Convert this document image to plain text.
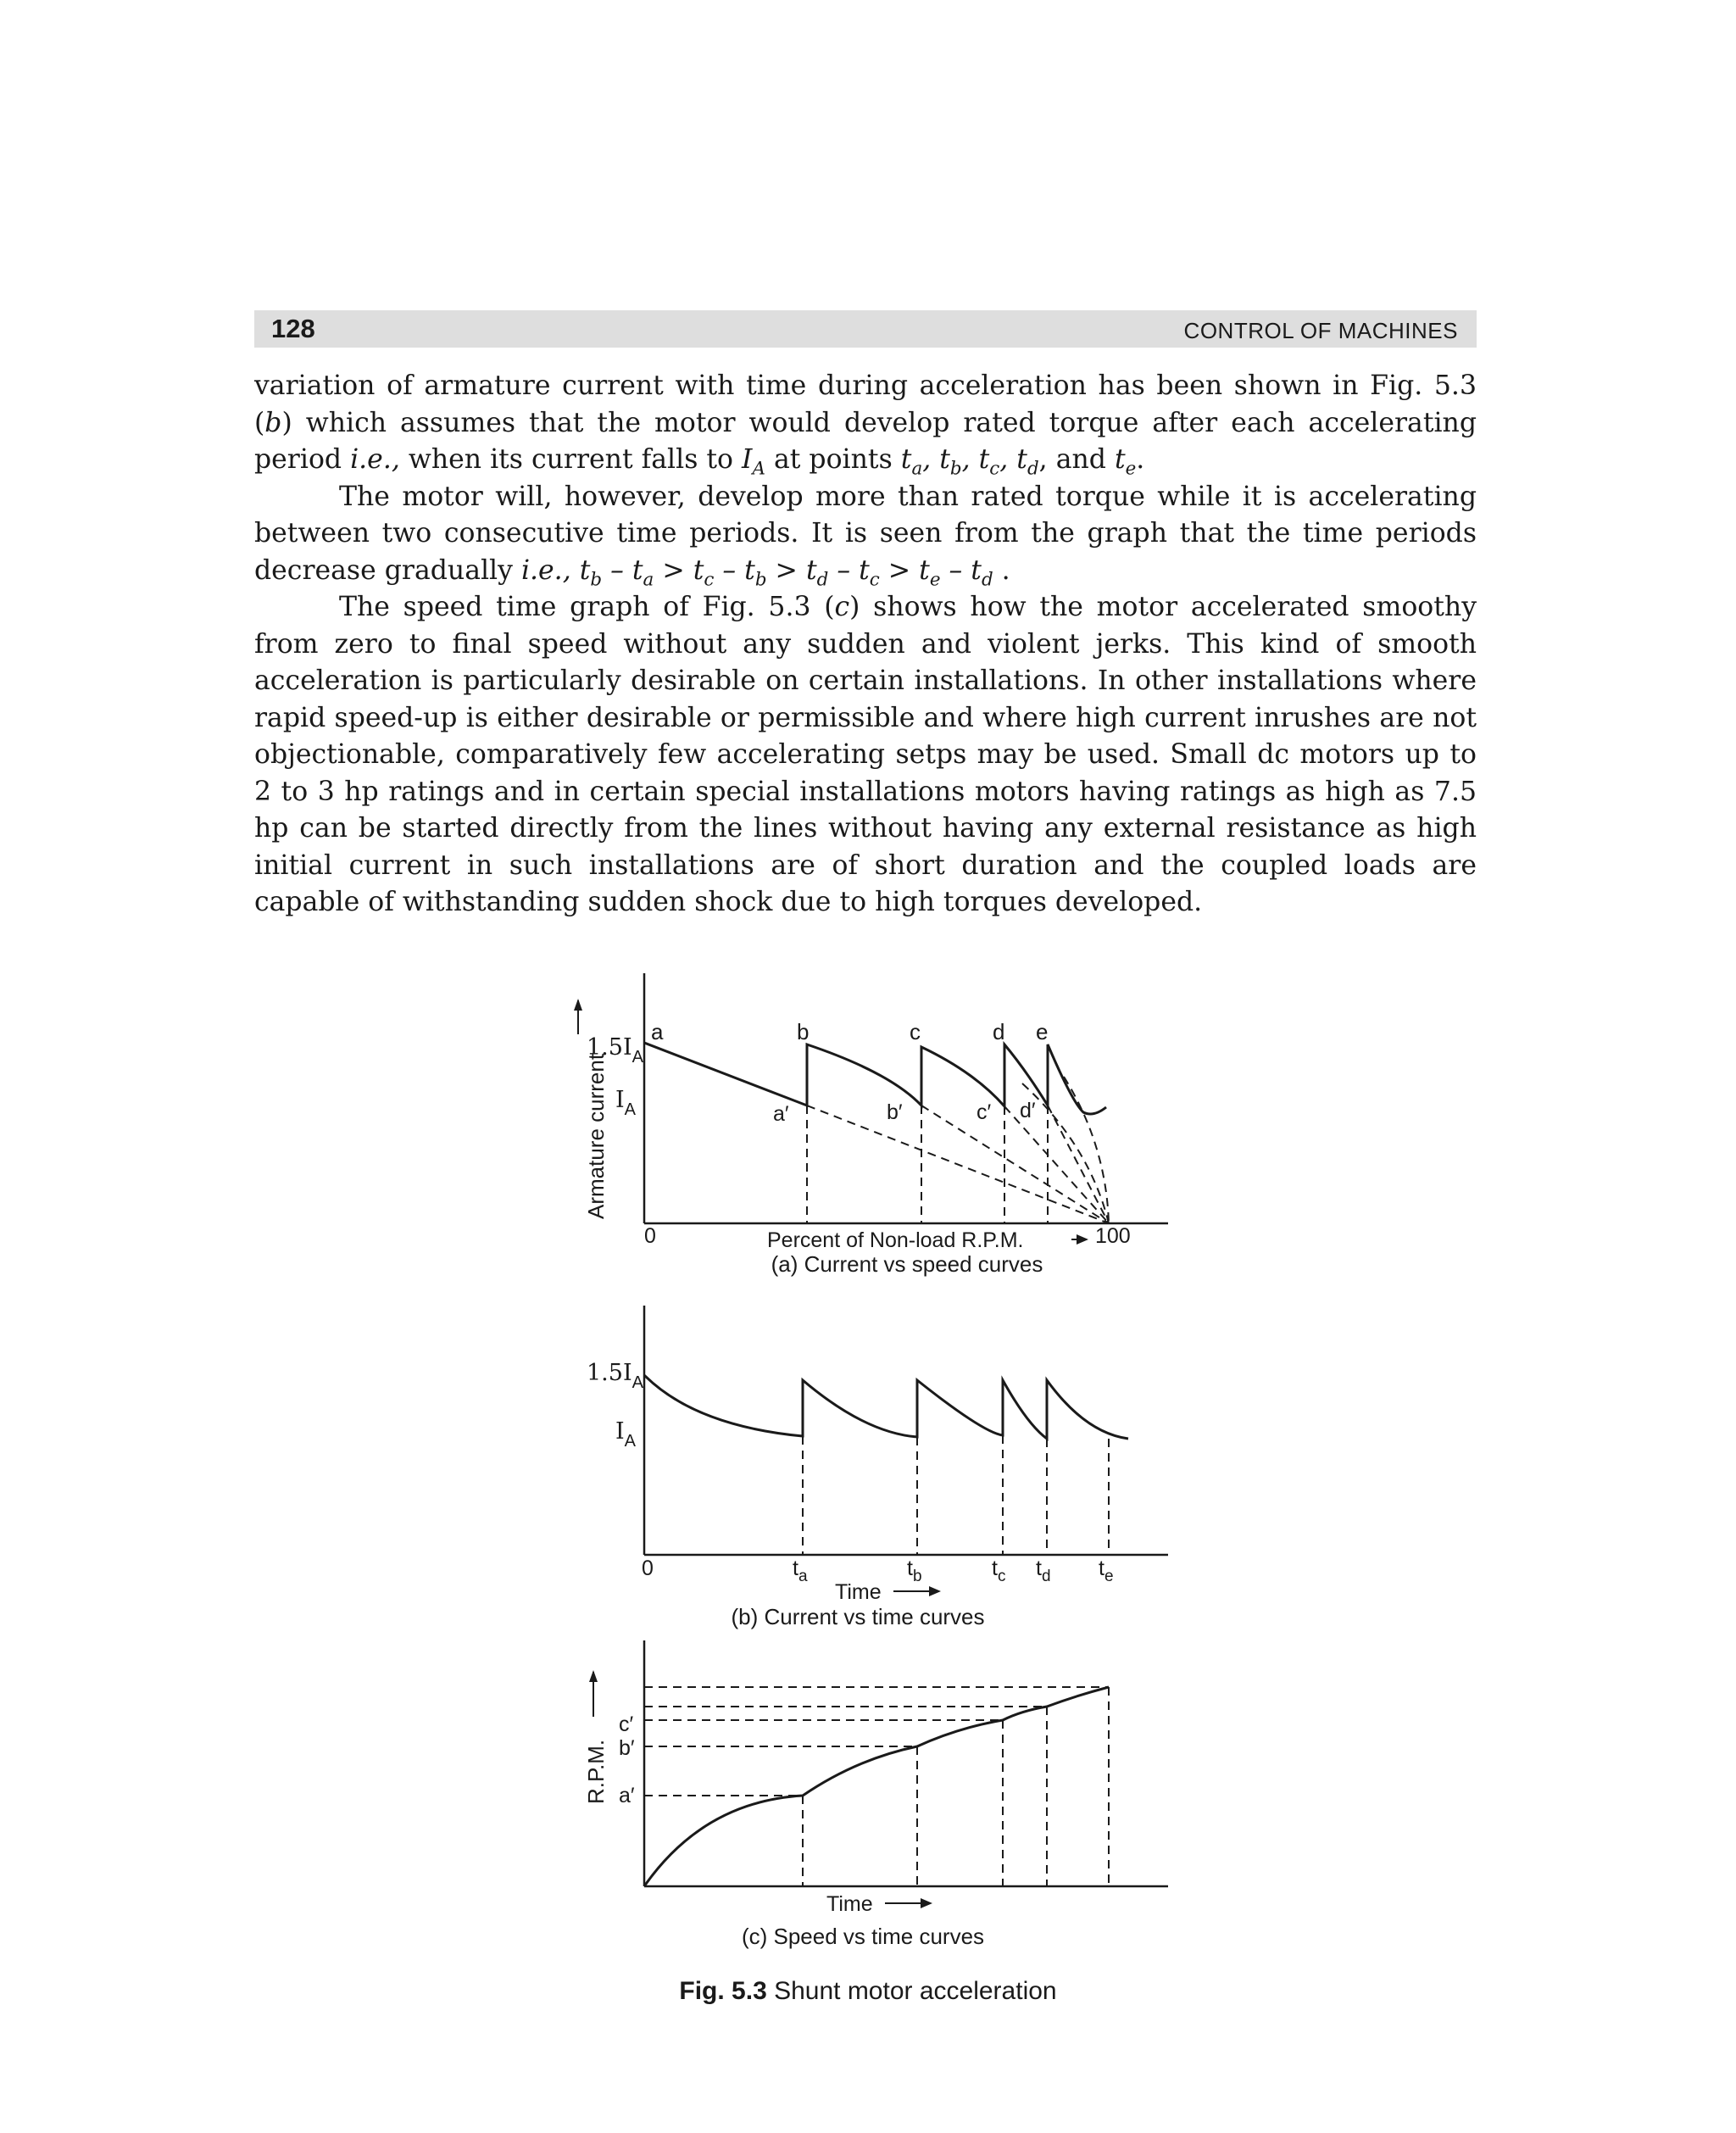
128	CONTROL OF MACHINES

variation of armature current with time during acceleration has been shown in Fig. 5.3 (b) which assumes that the motor would develop rated torque after each accelerating period i.e., when its current falls to $I_A$ at points $t_a$, $t_b$, $t_c$, $t_d$, and $t_e$.

The motor will, however, develop more than rated torque while it is accelerating between two consecutive time periods. It is seen from the graph that the time periods decrease gradually i.e., $t_b - t_a > t_c - t_b > t_d - t_c > t_e - t_d$ .

The speed time graph of Fig. 5.3 (c) shows how the motor accelerated smoothy from zero to final speed without any sudden and violent jerks. This kind of smooth acceleration is particularly desirable on certain installations. In other installations where rapid speed-up is either desirable or permissible and where high current inrushes are not objectionable, comparatively few accelerating setps may be used. Small dc motors up to 2 to 3 hp ratings and in certain special installations motors having ratings as high as 7.5 hp can be started directly from the lines without having any external resistance as high initial current in such installations are of short duration and the coupled loads are capable of withstanding sudden shock due to high torques developed.

Armature current
$1.5I_A$
$I_A$
a	b	c	d e
a′	b′	c′ d′
0	Percent of Non-load R.P.M.	100
(a) Current vs speed curves
$1.5I_A$
$I_A$
0	$t_a$	$t_b$	$t_c$ $t_d$ $t_e$
Time
(b) Current vs time curves
R.P.M.
c′
b′
a′
Time
(c) Speed vs time curves
Fig. 5.3 Shunt motor acceleration
